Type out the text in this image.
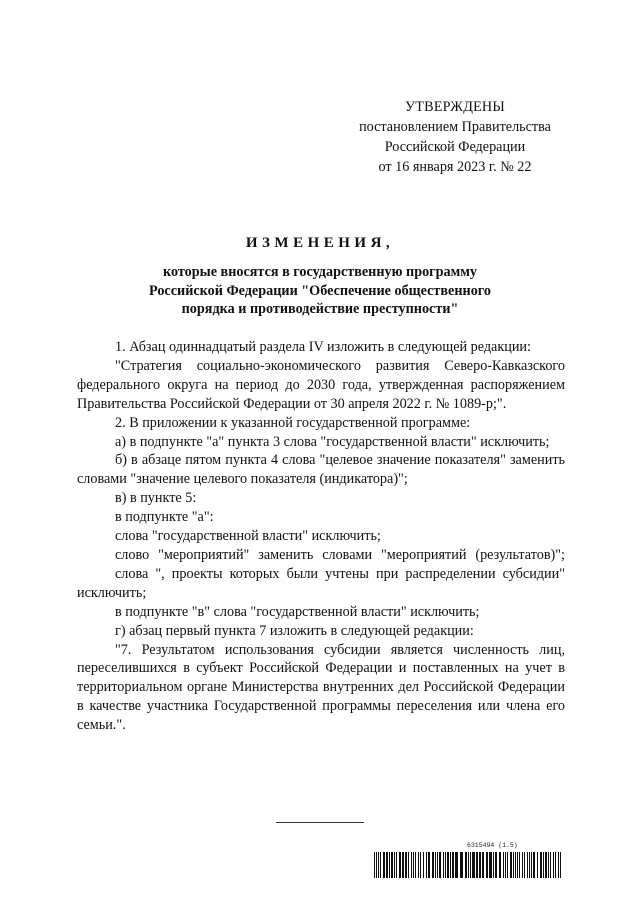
УТВЕРЖДЕНЫ
постановлением Правительства
Российской Федерации
от 16 января 2023 г. № 22
ИЗМЕНЕНИЯ,
которые вносятся в государственную программу
Российской Федерации "Обеспечение общественного
порядка и противодействие преступности"

1. Абзац одиннадцатый раздела IV изложить в следующей редакции:

"Стратегия социально-экономического развития Северо-Кавказского федерального округа на период до 2030 года, утвержденная распоряжением Правительства Российской Федерации от 30 апреля 2022 г. № 1089-р;".

2. В приложении к указанной государственной программе:

а) в подпункте "а" пункта 3 слова "государственной власти" исключить;

б) в абзаце пятом пункта 4 слова "целевое значение показателя" заменить словами "значение целевого показателя (индикатора)";

в) в пункте 5:

в подпункте "а":

слова "государственной власти" исключить;

слово "мероприятий" заменить словами "мероприятий (результатов)";

слова ", проекты которых были учтены при распределении субсидии" исключить;

в подпункте "в" слова "государственной власти" исключить;

г) абзац первый пункта 7 изложить в следующей редакции:

"7. Результатом использования субсидии является численность лиц, переселившихся в субъект Российской Федерации и поставленных на учет в территориальном органе Министерства внутренних дел Российской Федерации в качестве участника Государственной программы переселения или члена его семьи.".

6315494 (1.5)
